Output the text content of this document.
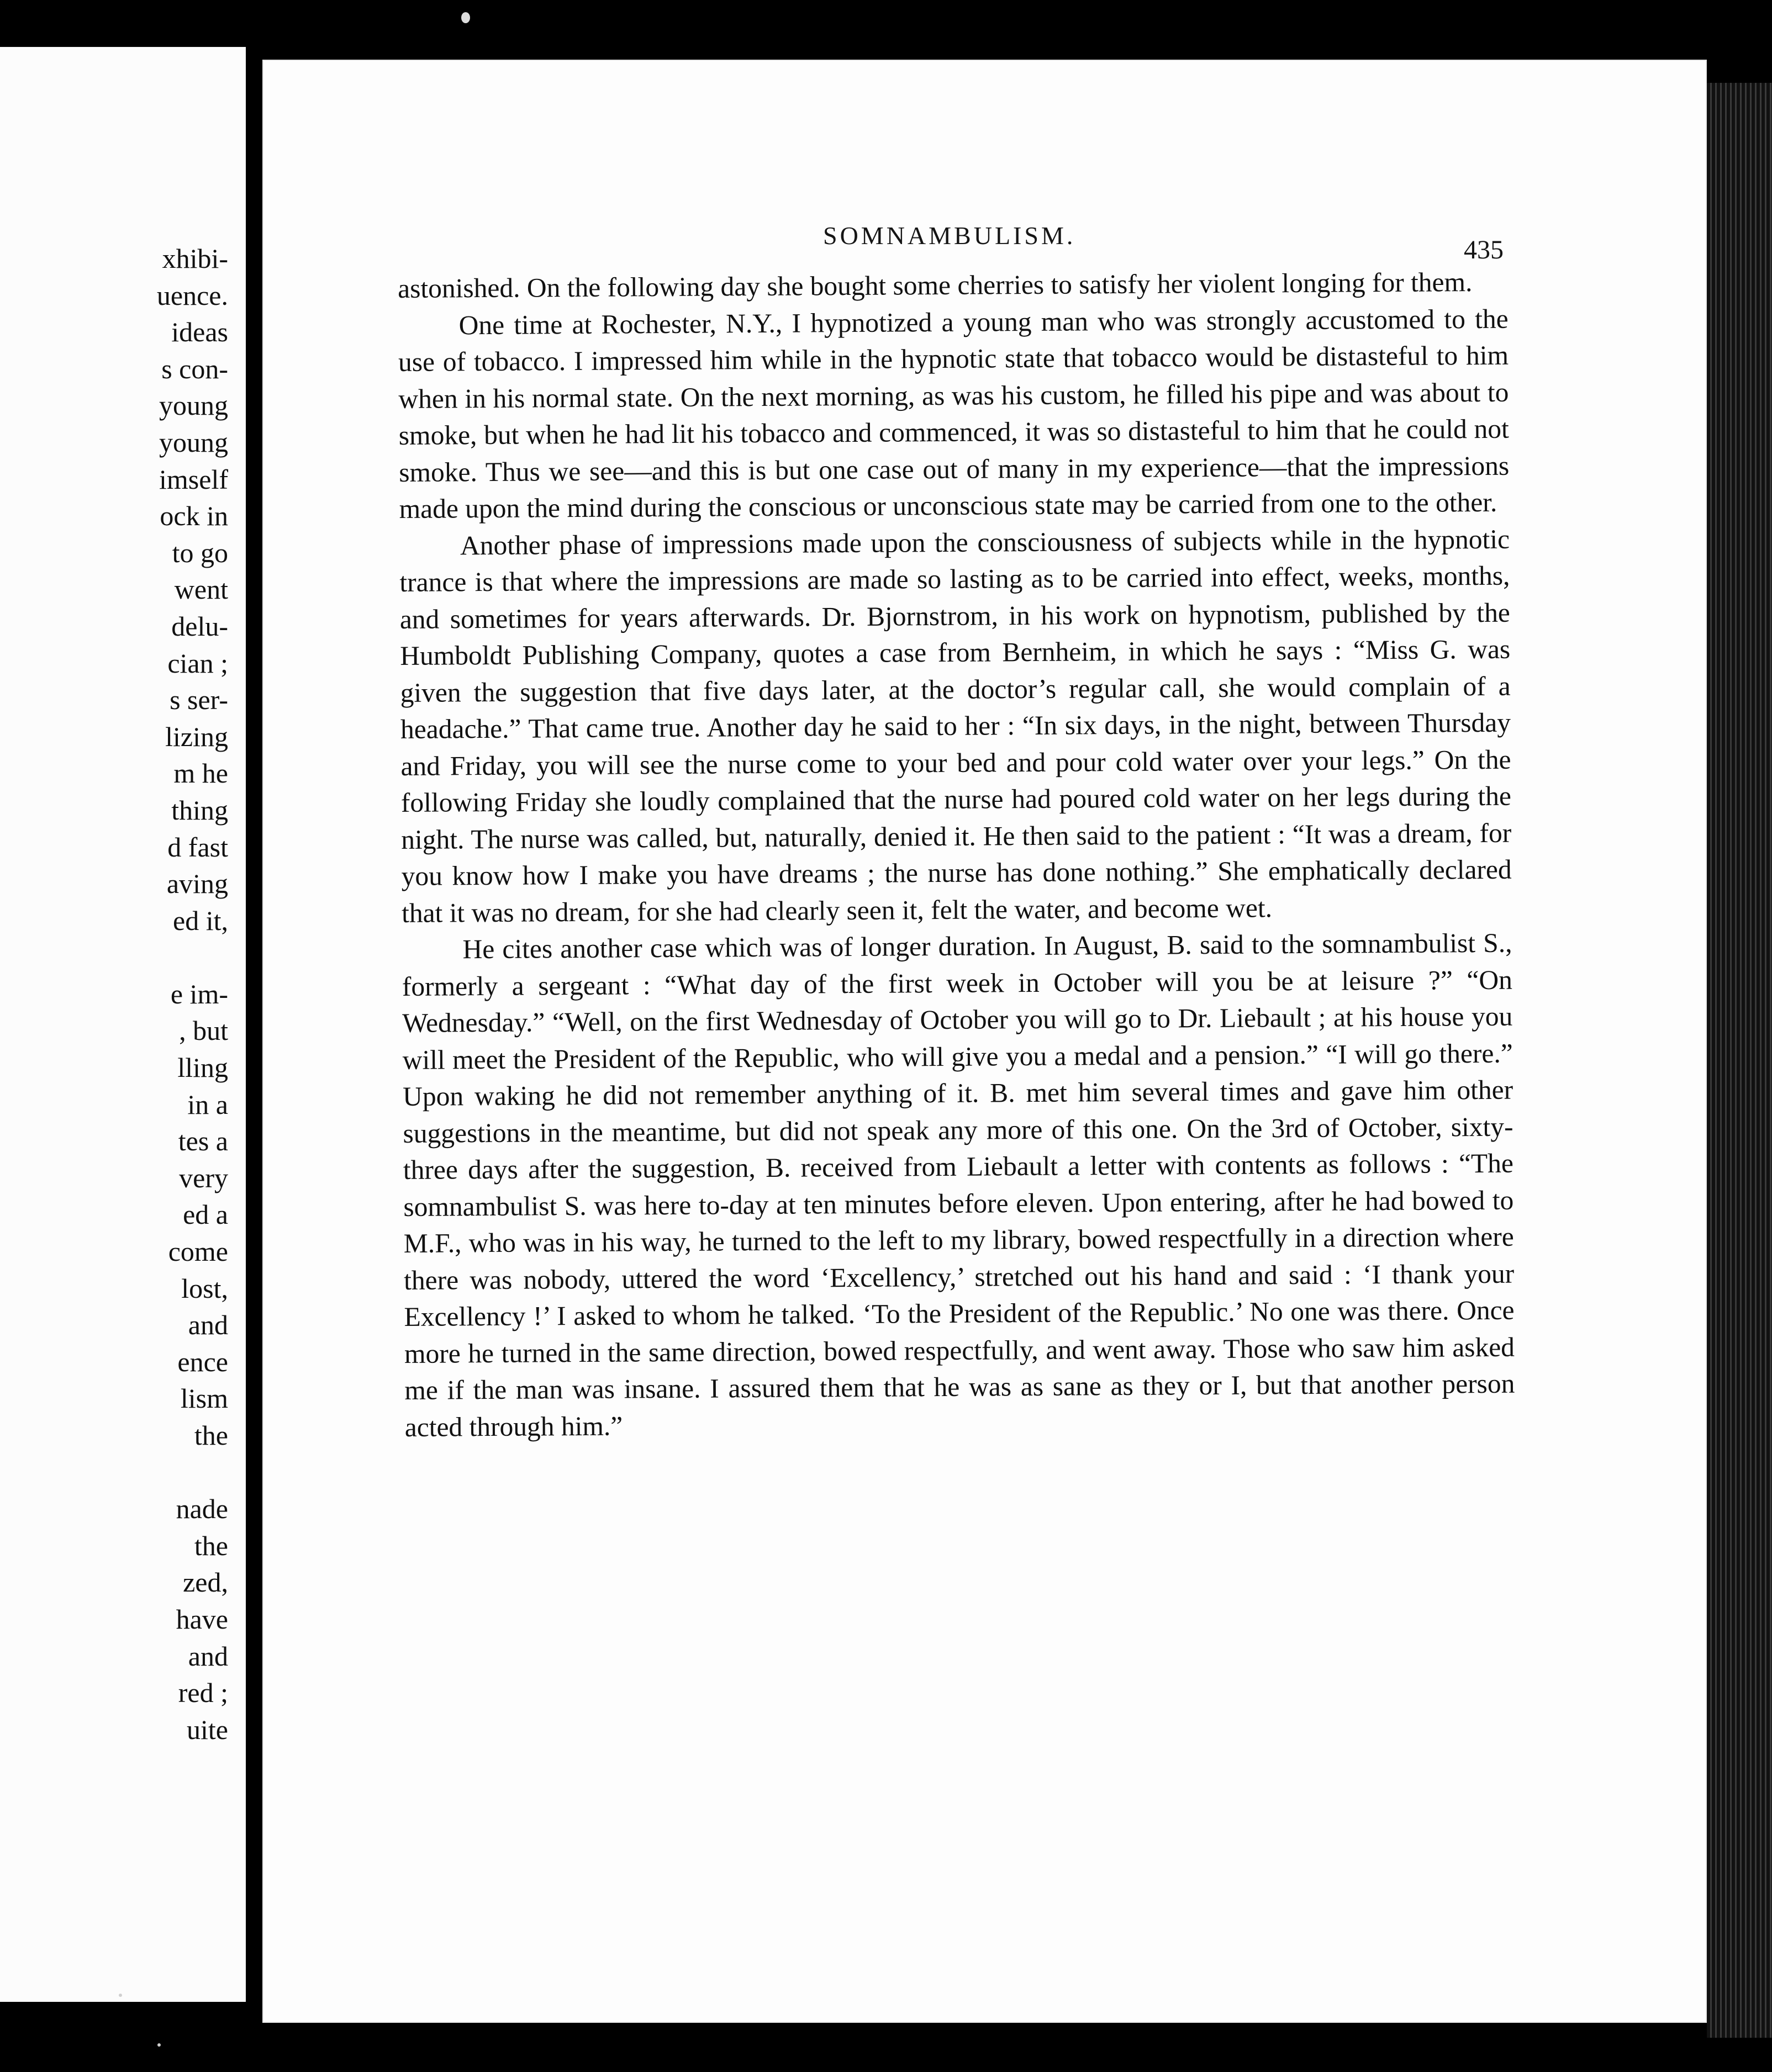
xhibi-
uence.
ideas
s con-
young
young
imself
ock in
to go
went
delu-
cian ;
s ser-
lizing
m he
thing
d fast
aving
ed it,
e im-
, but
lling
in a
tes a
very
ed a
come
lost,
and
ence
lism
the
nade
the
zed,
have
and
red ;
uite
SOMNAMBULISM.	435

astonished. On the following day she bought some cherries to satisfy her violent longing for them.

One time at Rochester, N.Y., I hypnotized a young man who was strongly accustomed to the use of tobacco. I impressed him while in the hypnotic state that tobacco would be distasteful to him when in his normal state. On the next morning, as was his custom, he filled his pipe and was about to smoke, but when he had lit his tobacco and commenced, it was so distasteful to him that he could not smoke. Thus we see—and this is but one case out of many in my experience—that the impressions made upon the mind during the conscious or unconscious state may be carried from one to the other.

Another phase of impressions made upon the consciousness of subjects while in the hypnotic trance is that where the impressions are made so lasting as to be carried into effect, weeks, months, and sometimes for years afterwards. Dr. Bjornstrom, in his work on hypnotism, published by the Humboldt Publishing Company, quotes a case from Bernheim, in which he says : “Miss G. was given the suggestion that five days later, at the doctor’s regular call, she would complain of a headache.” That came true. Another day he said to her : “In six days, in the night, between Thursday and Friday, you will see the nurse come to your bed and pour cold water over your legs.” On the following Friday she loudly complained that the nurse had poured cold water on her legs during the night. The nurse was called, but, naturally, denied it. He then said to the patient : “It was a dream, for you know how I make you have dreams ; the nurse has done nothing.” She emphatically declared that it was no dream, for she had clearly seen it, felt the water, and become wet.

He cites another case which was of longer duration. In August, B. said to the somnambulist S., formerly a sergeant : “What day of the first week in October will you be at leisure ?” “On Wednesday.” “Well, on the first Wednesday of October you will go to Dr. Liebault ; at his house you will meet the President of the Republic, who will give you a medal and a pension.” “I will go there.” Upon waking he did not remember anything of it. B. met him several times and gave him other suggestions in the meantime, but did not speak any more of this one. On the 3rd of October, sixty-three days after the suggestion, B. received from Liebault a letter with contents as follows : “The somnambulist S. was here to-day at ten minutes before eleven. Upon entering, after he had bowed to M.F., who was in his way, he turned to the left to my library, bowed respectfully in a direction where there was nobody, uttered the word ‘Excellency,’ stretched out his hand and said : ‘I thank your Excellency !’ I asked to whom he talked. ‘To the President of the Republic.’ No one was there. Once more he turned in the same direction, bowed respectfully, and went away. Those who saw him asked me if the man was insane. I assured them that he was as sane as they or I, but that another person acted through him.”
